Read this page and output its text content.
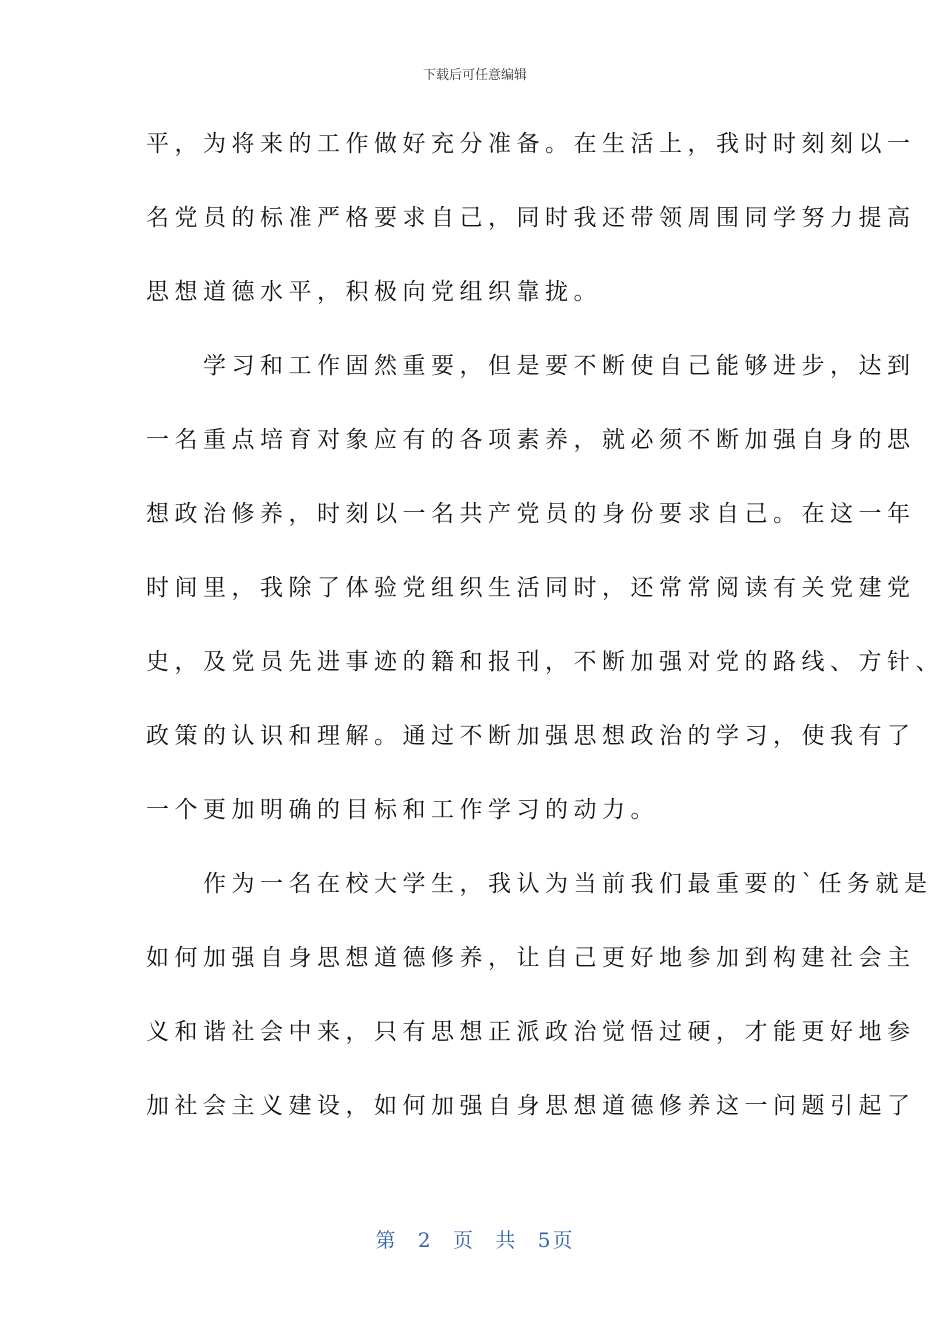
下载后可任意编辑
平，为将来的工作做好充分准备。在生活上，我时时刻刻以一
名党员的标准严格要求自己，同时我还带领周围同学努力提高
思想道德水平，积极向党组织靠拢。
　　学习和工作固然重要，但是要不断使自己能够进步，达到
一名重点培育对象应有的各项素养，就必须不断加强自身的思
想政治修养，时刻以一名共产党员的身份要求自己。在这一年
时间里，我除了体验党组织生活同时，还常常阅读有关党建党
史，及党员先进事迹的籍和报刊，不断加强对党的路线、方针、
政策的认识和理解。通过不断加强思想政治的学习，使我有了
一个更加明确的目标和工作学习的动力。
　　作为一名在校大学生，我认为当前我们最重要的`任务就是
如何加强自身思想道德修养，让自己更好地参加到构建社会主
义和谐社会中来，只有思想正派政治觉悟过硬，才能更好地参
加社会主义建设，如何加强自身思想道德修养这一问题引起了
第 2 页 共 5页
